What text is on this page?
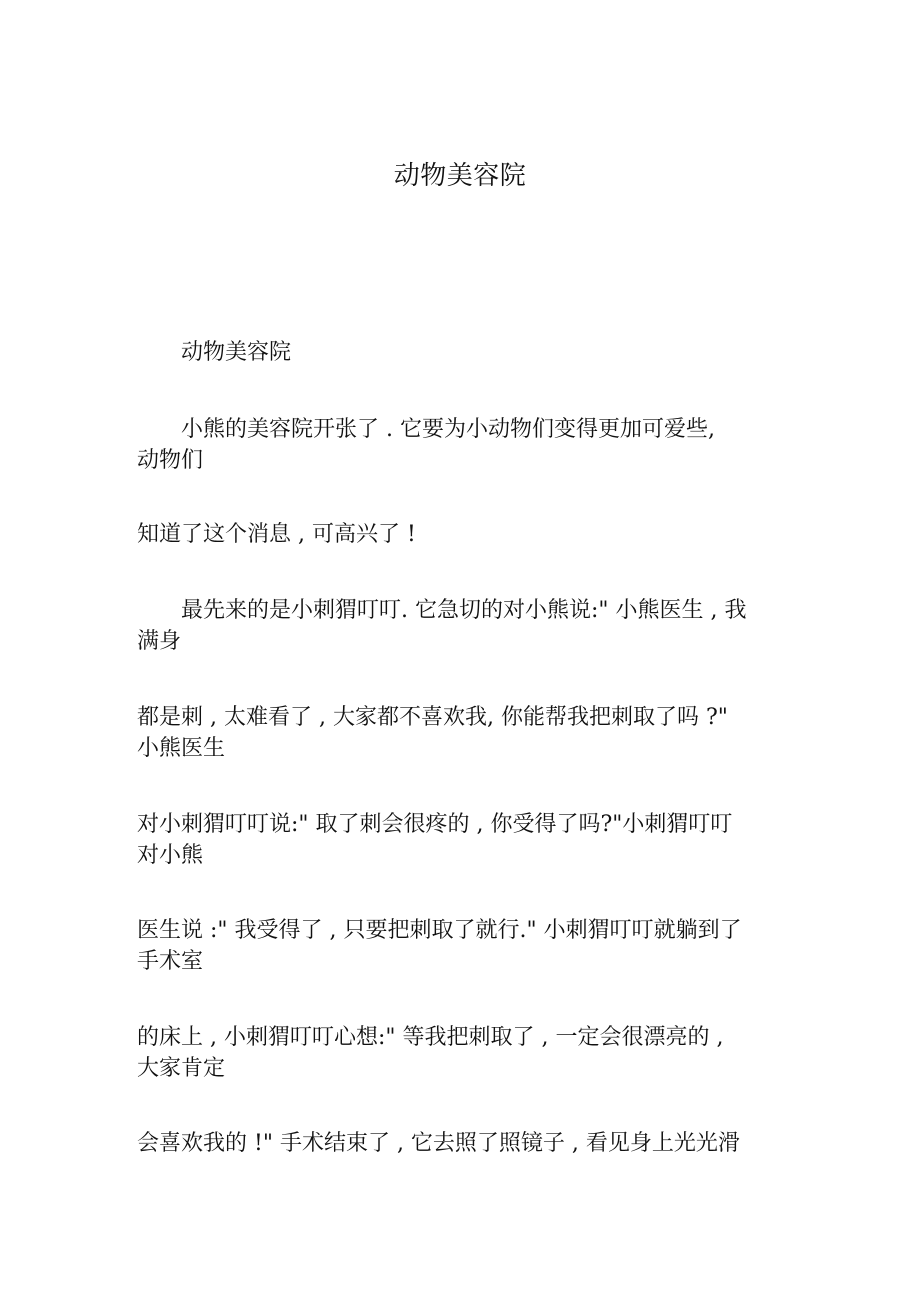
动物美容院
动物美容院
小熊的美容院开张了 . 它要为小动物们变得更加可爱些,
动物们
知道了这个消息 , 可高兴了 !
最先来的是小刺猬叮叮. 它急切的对小熊说:" 小熊医生 , 我
满身
都是刺 , 太难看了 , 大家都不喜欢我, 你能帮我把刺取了吗 ?"
小熊医生
对小刺猬叮叮说:" 取了刺会很疼的 , 你受得了吗?"小刺猬叮叮
对小熊
医生说 :" 我受得了 , 只要把刺取了就行." 小刺猬叮叮就躺到了
手术室
的床上 , 小刺猬叮叮心想:" 等我把刺取了 , 一定会很漂亮的 ,
大家肯定
会喜欢我的 !" 手术结束了 , 它去照了照镜子 , 看见身上光光滑
